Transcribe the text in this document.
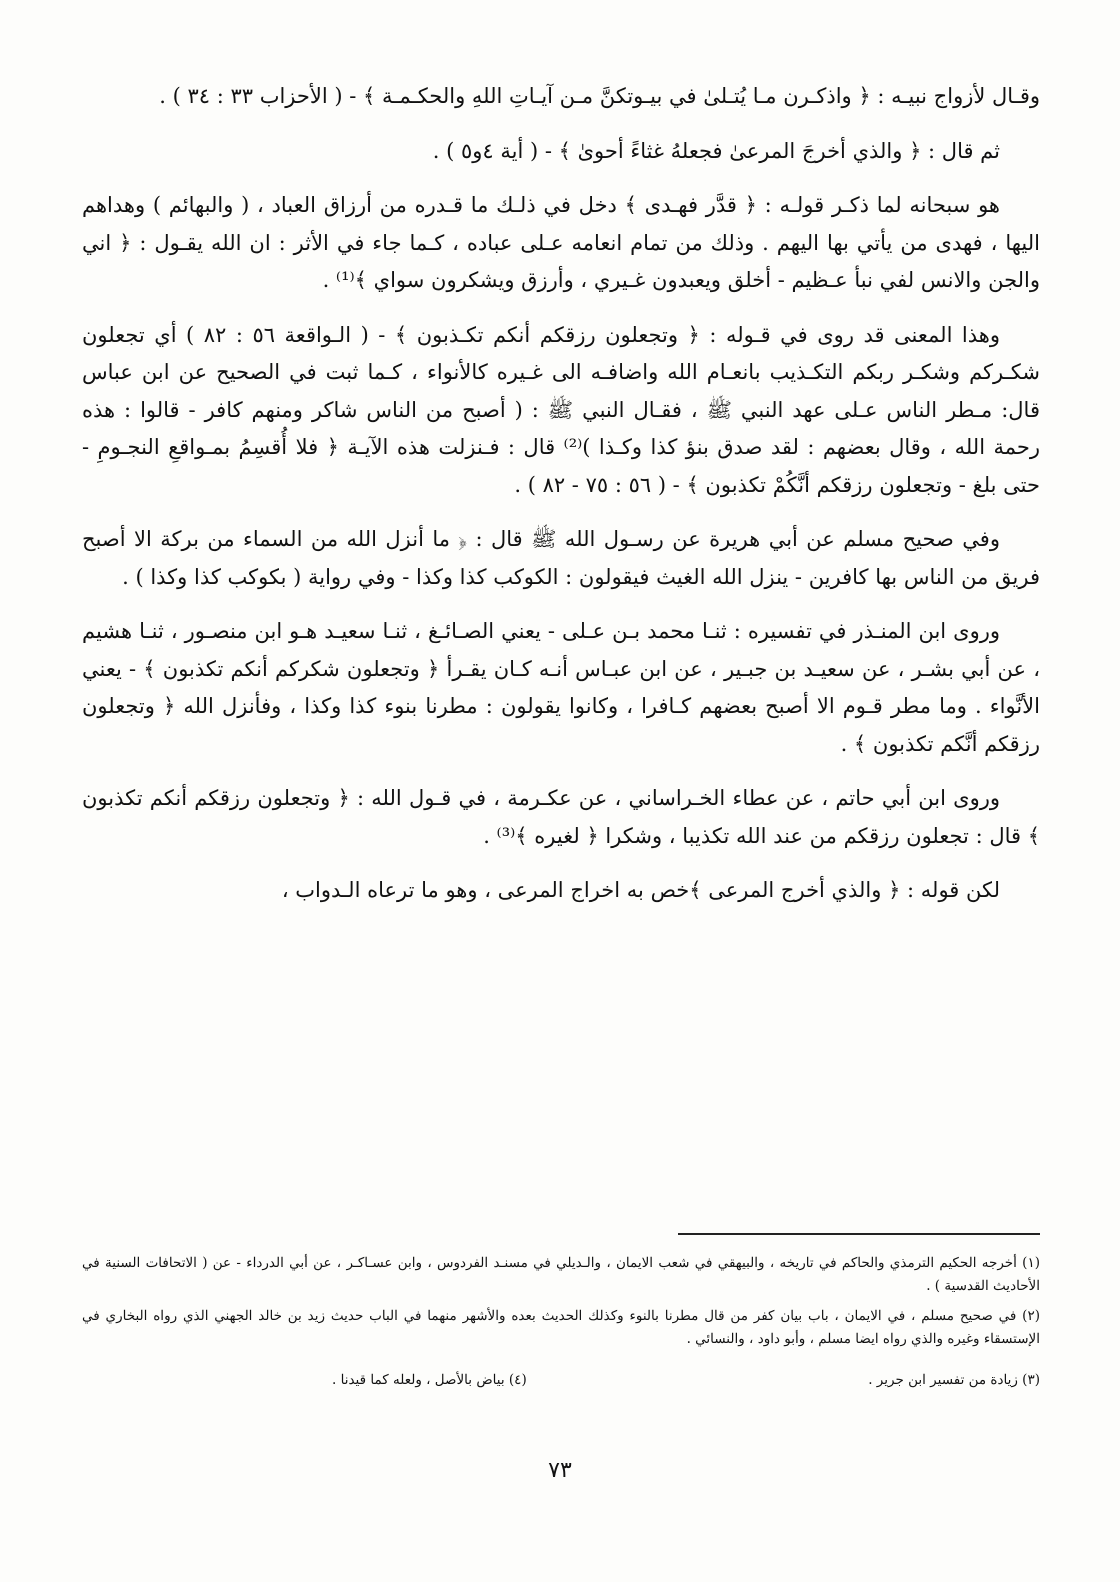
وقـال لأزواج نبيـه : ﴿ واذكـرن مـا يُتـلىٰ في بيـوتكنَّ مـن آيـاتِ اللهِ والحكـمـة ﴾ - ( الأحزاب ٣٣ : ٣٤ ) .

ثم قال : ﴿ والذي أخرجَ المرعىٰ فجعلهُ غثاءً أحوىٰ ﴾ - ( أية ٤و٥ ) .

هو سبحانه لما ذكـر قولـه : ﴿ قدَّر فهـدى ﴾ دخل في ذلـك ما قـدره من أرزاق العباد ، ( والبهائم ) وهداهم اليها ، فهدى من يأتي بها اليهم . وذلك من تمام انعامه عـلى عباده ، كـما جاء في الأثر : ان الله يقـول : ﴿ اني والجن والانس لفي نبأ عـظيم - أخلق ويعبدون غـيري ، وأرزق ويشكرون سواي ﴾⁽¹⁾ .

وهذا المعنى قد روى في قـوله : ﴿ وتجعلون رزقكم أنكم تكـذبون ﴾ - ( الـواقعة ٥٦ : ٨٢ ) أي تجعلون شكـركم وشكـر ربكم التكـذيب بانعـام الله واضافـه الى غـيره كالأنواء ، كـما ثبت في الصحيح عن ابن عباس قال: مـطر الناس عـلى عهد النبي ﷺ ، فقـال النبي ﷺ : ( أصبح من الناس شاكر ومنهم كافر - قالوا : هذه رحمة الله ، وقال بعضهم : لقد صدق بنؤ كذا وكـذا )⁽²⁾ قال : فـنزلت هذه الآيـة ﴿ فلا أُقسِمُ بمـواقعِ النجـومِ - حتى بلغ - وتجعلون رزقكم أنَّكُمْ تكذبون ﴾ - ( ٥٦ : ٧٥ - ٨٢ ) .

وفي صحيح مسلم عن أبي هريرة عن رسـول الله ﷺ قال : ﴿ ما أنزل الله من السماء من بركة الا أصبح فريق من الناس بها كافرين - ينزل الله الغيث فيقولون : الكوكب كذا وكذا - وفي رواية ( بكوكب كذا وكذا ) .

وروى ابن المنـذر في تفسيره : ثنـا محمد بـن عـلى - يعني الصـائـغ ، ثنـا سعيـد هـو ابن منصـور ، ثنـا هشيم ، عن أبي بشـر ، عن سعيـد بن جبـير ، عن ابن عبـاس أنـه كـان يقـرأ ﴿ وتجعلون شكركم أنكم تكذبون ﴾ - يعني الأنَّواء . وما مطر قـوم الا أصبح بعضهم كـافرا ، وكانوا يقولون : مطرنا بنوء كذا وكذا ، وفأنزل الله ﴿ وتجعلون رزقكم أنَّكم تكذبون ﴾ .

وروى ابن أبي حاتم ، عن عطاء الخـراساني ، عن عكـرمة ، في قـول الله : ﴿ وتجعلون رزقكم أنكم تكذبون ﴾ قال : تجعلون رزقكم من عند الله تكذيبا ، وشكرا ﴿ لغيره ﴾⁽³⁾ .

لكن قوله : ﴿ والذي أخرج المرعى ﴾خص به اخراج المرعى ، وهو ما ترعاه الـدواب ،

(١) أخرجه الحكيم الترمذي والحاكم في تاريخه ، والبيهقي في شعب الايمان ، والـديلي في مسنـد الفردوس ، وابن عسـاكـر ، عن أبي الدرداء - عن ( الاتحافات السنية في الأحاديث القدسية ) .

(٢) في صحيح مسلم ، في الايمان ، باب بيان كفر من قال مطرنا بالنوء وكذلك الحديث بعده والأشهر منهما في الباب حديث زيد بن خالد الجهني الذي رواه البخاري في الإستسقاء وغيره والذي رواه ايضا مسلم ، وأبو داود ، والنسائي .

(٣) زيادة من تفسير ابن جرير .

(٤) بياض بالأصل ، ولعله كما قيدنا .

٧٣
